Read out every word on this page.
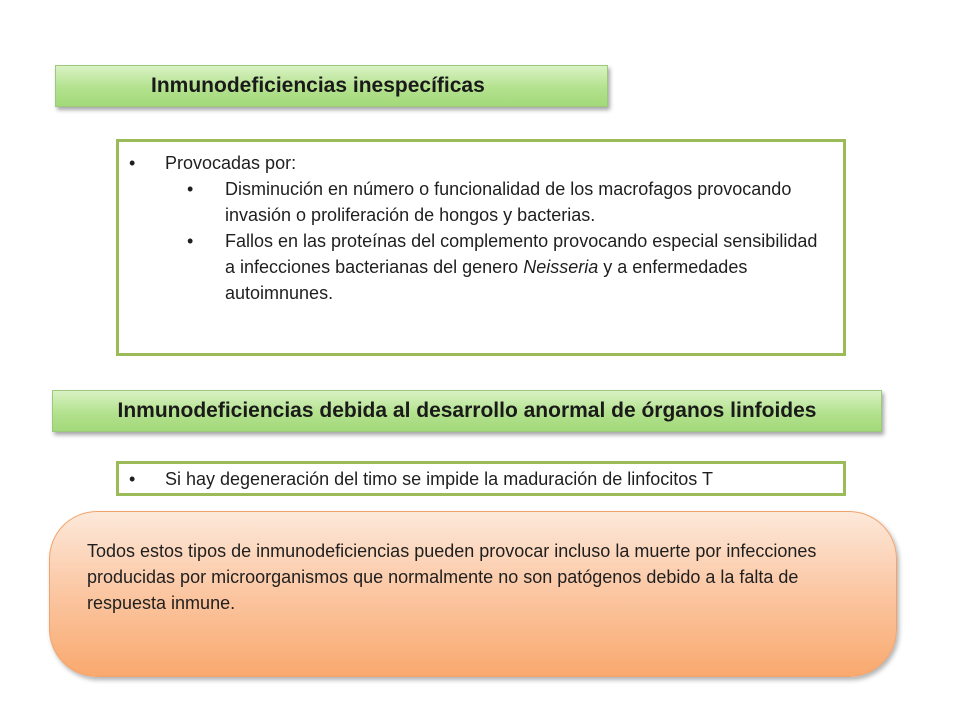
Inmunodeficiencias inespecíficas
• Provocadas por:
• Disminución en número o funcionalidad de los macrofagos provocando invasión o proliferación de hongos y bacterias.
• Fallos en las proteínas del complemento provocando especial sensibilidad a infecciones bacterianas del genero Neisseria y a enfermedades autoimnunes.
Inmunodeficiencias debida al desarrollo anormal de órganos linfoides
• Si hay degeneración del timo se impide la maduración de linfocitos T
Todos estos tipos de inmunodeficiencias pueden provocar incluso la muerte por infecciones producidas por microorganismos que normalmente no son patógenos debido a la falta de respuesta inmune.
